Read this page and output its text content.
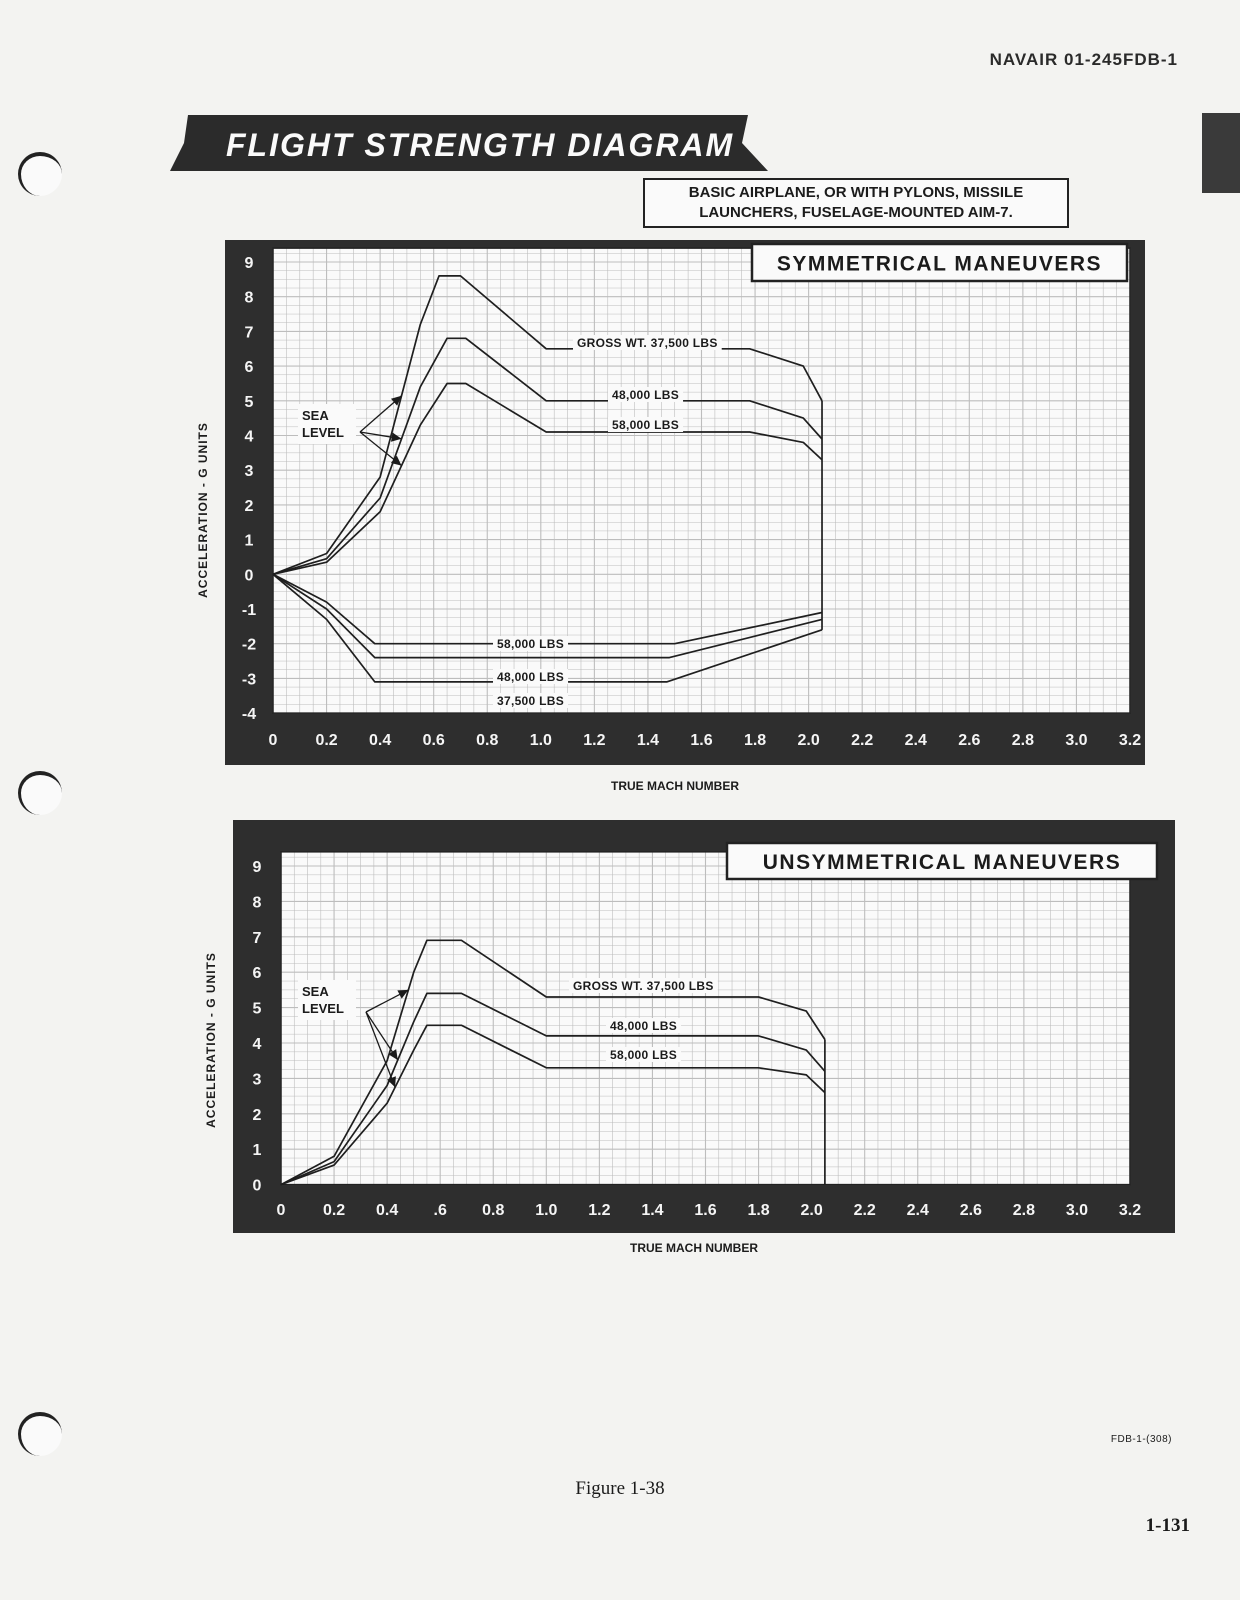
NAVAIR 01-245FDB-1
FLIGHT STRENGTH DIAGRAM
BASIC AIRPLANE, OR WITH PYLONS, MISSILE
LAUNCHERS, FUSELAGE-MOUNTED AIM-7.
9
8
7
6
5
4
3
2
1
0
-1
-2
-3
-4
0 0.2 0.4 0.6 0.8 1.0 1.2 1.4 1.6 1.8 2.0 2.2 2.4 2.6 2.8 3.0 3.2
SYMMETRICAL MANEUVERS
TRUE MACH NUMBER
ACCELERATION - G UNITS
GROSS WT. 37,500 LBS
48,000 LBS
58,000 LBS
58,000 LBS
48,000 LBS
37,500 LBS
SEA
LEVEL
9
8
7
6
5
4
3
2
1
0
0 0.2 0.4 .6 0.8 1.0 1.2 1.4 1.6 1.8 2.0 2.2 2.4 2.6 2.8 3.0 3.2
UNSYMMETRICAL MANEUVERS
TRUE MACH NUMBER
ACCELERATION - G UNITS	GROSS WT. 37,500 LBS
48,000 LBS
58,000 LBS
SEA
LEVEL
FDB-1-(308)
Figure 1-38
1-131
